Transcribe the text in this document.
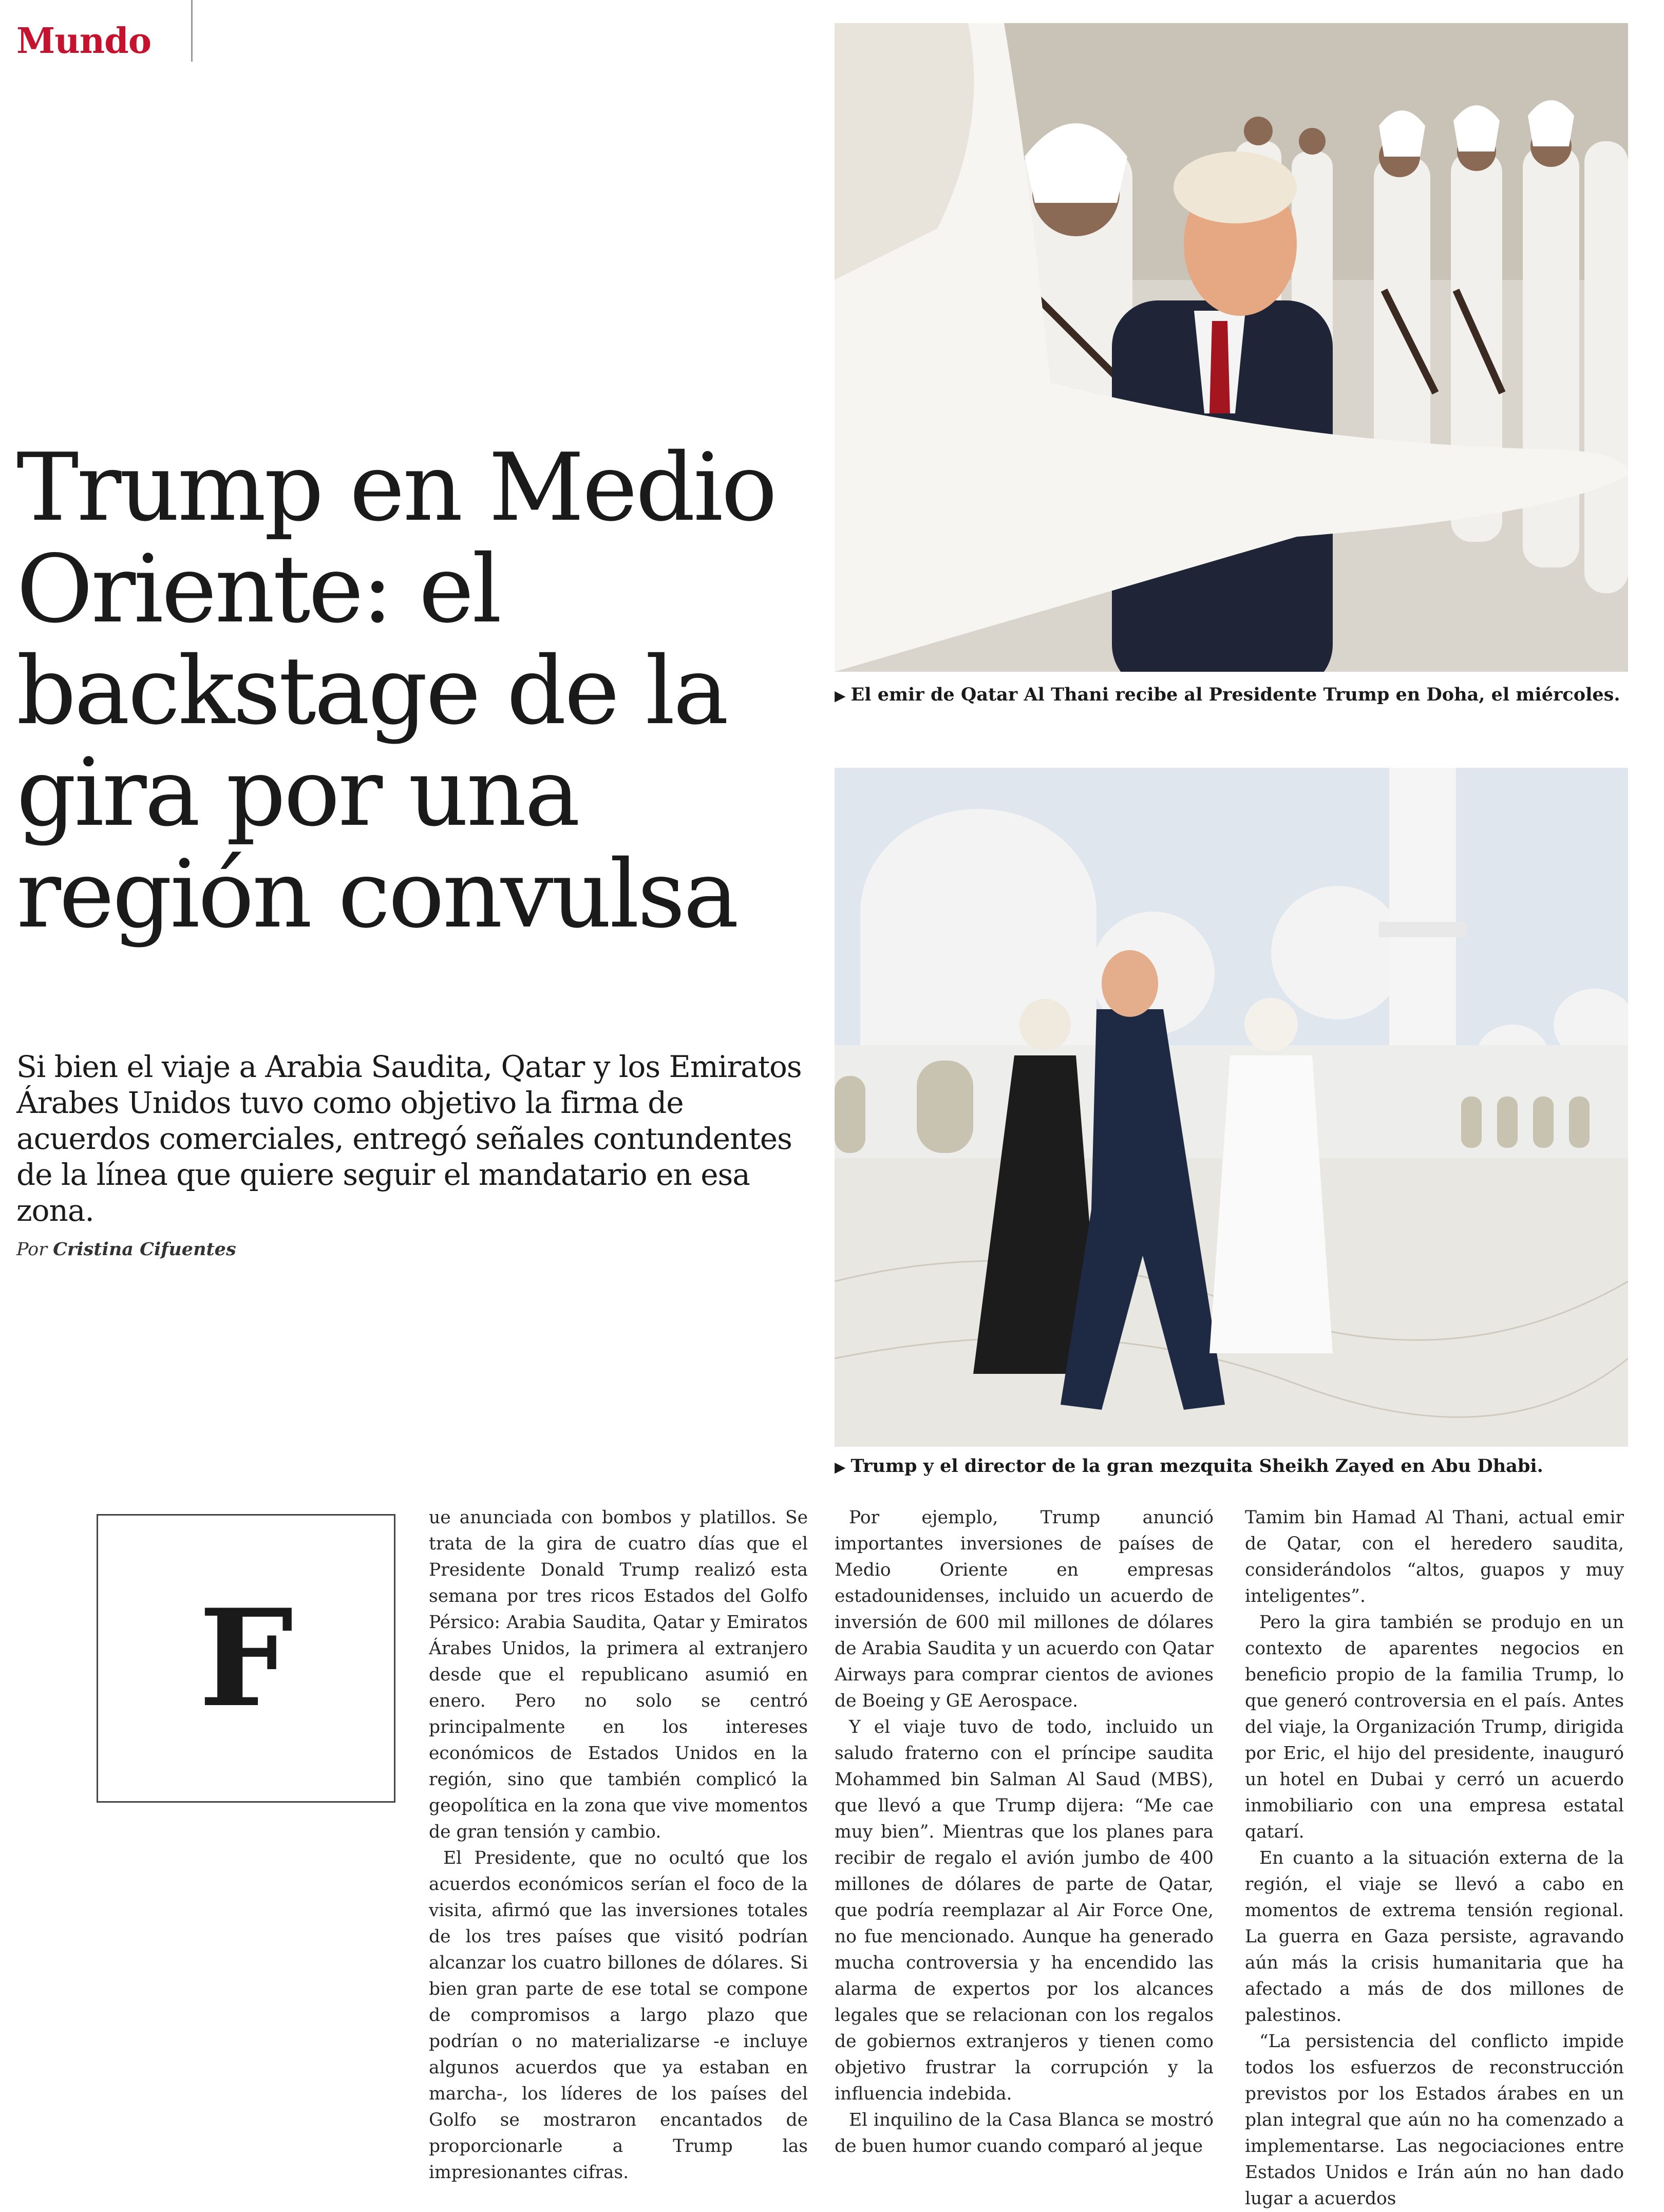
Mundo
Trump en Medio Oriente: el backstage de la gira por una región convulsa

Si bien el viaje a Arabia Saudita, Qatar y los Emiratos Árabes Unidos tuvo como objetivo la firma de acuerdos comerciales, entregó señales contundentes de la línea que quiere seguir el mandatario en esa zona.

Por Cristina Cifuentes
▶ El emir de Qatar Al Thani recibe al Presidente Trump en Doha, el miércoles.
▶ Trump y el director de la gran mezquita Sheikh Zayed en Abu Dhabi.
F

ue anunciada con bombos y platillos. Se trata de la gira de cuatro días que el Presidente Donald Trump realizó esta semana por tres ricos Estados del Golfo Pérsico: Arabia Saudita, Qatar y Emiratos Árabes Unidos, la primera al extranjero desde que el republicano asumió en enero. Pero no solo se centró principalmente en los intereses económicos de Estados Unidos en la región, sino que también complicó la geopolítica en la zona que vive momentos de gran tensión y cambio.

El Presidente, que no ocultó que los acuerdos económicos serían el foco de la visita, afirmó que las inversiones totales de los tres países que visitó podrían alcanzar los cuatro billones de dólares. Si bien gran parte de ese total se compone de compromisos a largo plazo que podrían o no materializarse -e incluye algunos acuerdos que ya estaban en marcha-, los líderes de los países del Golfo se mostraron encantados de proporcionarle a Trump las impresionantes cifras.

Por ejemplo, Trump anunció importantes inversiones de países de Medio Oriente en empresas estadounidenses, incluido un acuerdo de inversión de 600 mil millones de dólares de Arabia Saudita y un acuerdo con Qatar Airways para comprar cientos de aviones de Boeing y GE Aerospace.

Y el viaje tuvo de todo, incluido un saludo fraterno con el príncipe saudita Mohammed bin Salman Al Saud (MBS), que llevó a que Trump dijera: “Me cae muy bien”. Mientras que los planes para recibir de regalo el avión jumbo de 400 millones de dólares de parte de Qatar, que podría reemplazar al Air Force One, no fue mencionado. Aunque ha generado mucha controversia y ha encendido las alarma de expertos por los alcances legales que se relacionan con los regalos de gobiernos extranjeros y tienen como objetivo frustrar la corrupción y la influencia indebida.

El inquilino de la Casa Blanca se mostró de buen humor cuando comparó al jeque

Tamim bin Hamad Al Thani, actual emir de Qatar, con el heredero saudita, considerándolos “altos, guapos y muy inteligentes”.

Pero la gira también se produjo en un contexto de aparentes negocios en beneficio propio de la familia Trump, lo que generó controversia en el país. Antes del viaje, la Organización Trump, dirigida por Eric, el hijo del presidente, inauguró un hotel en Dubai y cerró un acuerdo inmobiliario con una empresa estatal qatarí.

En cuanto a la situación externa de la región, el viaje se llevó a cabo en momentos de extrema tensión regional. La guerra en Gaza persiste, agravando aún más la crisis humanitaria que ha afectado a más de dos millones de palestinos.

“La persistencia del conflicto impide todos los esfuerzos de reconstrucción previstos por los Estados árabes en un plan integral que aún no ha comenzado a implementarse. Las negociaciones entre Estados Unidos e Irán aún no han dado lugar a acuerdos
